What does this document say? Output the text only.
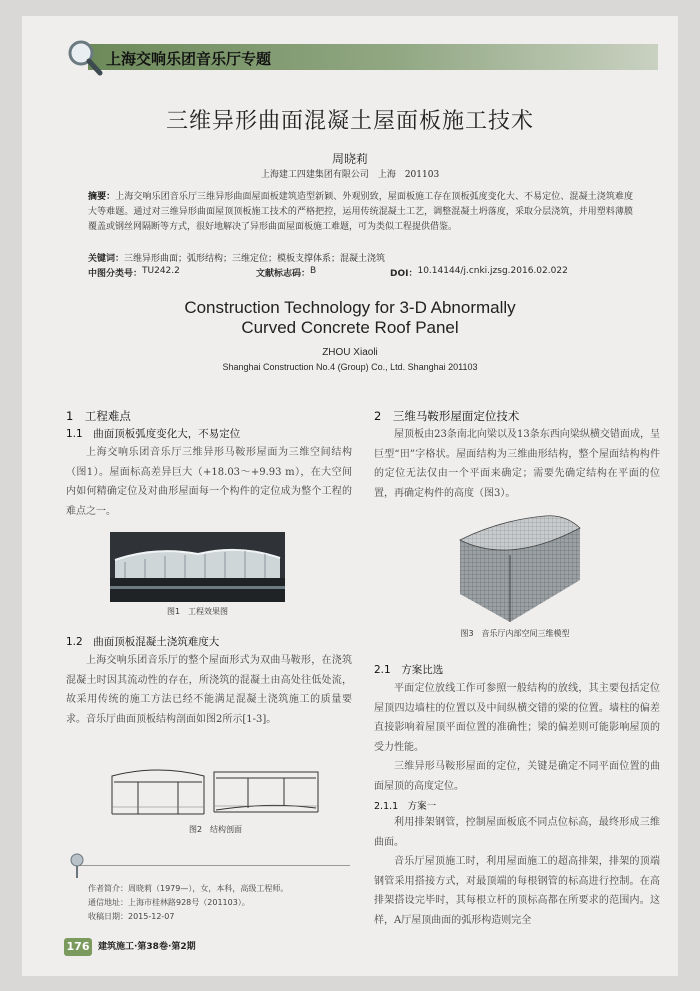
上海交响乐团音乐厅专题
三维异形曲面混凝土屋面板施工技术
周晓莉
上海建工四建集团有限公司　上海　201103
摘要：上海交响乐团音乐厅三维异形曲面屋面板建筑造型新颖、外观别致，屋面板施工存在顶板弧度变化大、不易定位、混凝土浇筑难度大等难题。通过对三维异形曲面屋顶顶板施工技术的严格把控，运用传统混凝土工艺，调整混凝土坍落度，采取分层浇筑，并用塑料薄膜覆盖或钢丝网隔断等方式，很好地解决了异形曲面屋面板施工难题，可为类似工程提供借鉴。
关键词：三维异形曲面；弧形结构；三维定位；模板支撑体系；混凝土浇筑
中图分类号： TU242.2	文献标志码： B	DOI： 10.14144/j.cnki.jzsg.2016.02.022
Construction Technology for 3-D Abnormally
Curved Concrete Roof Panel
ZHOU Xiaoli
Shanghai Construction No.4 (Group) Co., Ltd. Shanghai 201103
1　工程难点
1.1　曲面顶板弧度变化大，不易定位
上海交响乐团音乐厅三维异形马鞍形屋面为三维空间结构（图1）。屋面标高差异巨大（+18.03～+9.93 m），在大空间内如何精确定位及对曲形屋面每一个构件的定位成为整个工程的难点之一。
图1　工程效果图
1.2　曲面顶板混凝土浇筑难度大
上海交响乐团音乐厅的整个屋面形式为双曲马鞍形，在浇筑混凝土时因其流动性的存在，所浇筑的混凝土由高处往低处流，故采用传统的施工方法已经不能满足混凝土浇筑施工的质量要求。音乐厅曲面顶板结构剖面如图2所示[1-3]。
图2　结构剖面
作者简介：周晓莉（1979—），女，本科，高级工程师。
通信地址：上海市桂林路928号（201103）。
收稿日期：2015-12-07
2　三维马鞍形屋面定位技术
屋顶板由23条南北向梁以及13条东西向梁纵横交错面成，呈巨型“田”字格状。屋面结构为三维曲形结构，整个屋面结构构件的定位无法仅由一个平面来确定；需要先确定结构在平面的位置，再确定构件的高度（图3）。
图3　音乐厅内部空间三维模型
2.1　方案比选
平面定位放线工作可参照一般结构的放线，其主要包括定位屋顶四边墙柱的位置以及中间纵横交错的梁的位置。墙柱的偏差直接影响着屋顶平面位置的准确性；梁的偏差则可能影响屋顶的受力性能。
三维异形马鞍形屋面的定位，关键是确定不同平面位置的曲面屋顶的高度定位。
2.1.1　方案一
利用排架钢管，控制屋面板底不同点位标高，最终形成三维曲面。
音乐厅屋顶施工时，利用屋面施工的超高排架，排架的顶端钢管采用搭接方式，对最顶端的每根钢管的标高进行控制。在高排架搭设完毕时，其每根立杆的顶标高都在所要求的范围内。这样，A厅屋顶曲面的弧形构造则完全
176 建筑施工·第38卷·第2期
